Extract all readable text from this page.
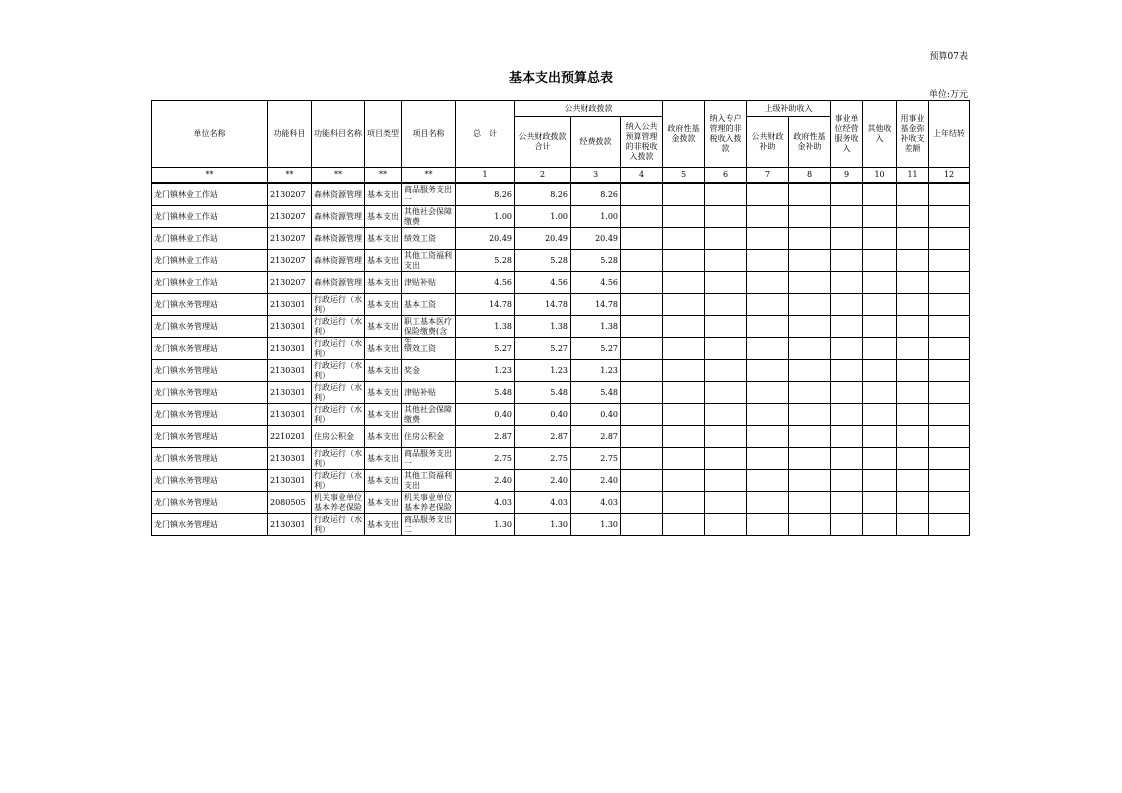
预算07表
基本支出预算总表
单位:万元
单位名称	功能科目	功能科目名称	项目类型	项目名称	总　计	公共财政拨款			政府性基金拨款	纳入专户管理的非税收入拨款	上级补助收入		事业单位经营服务收入	其他收入	用事业基金弥补收支差额	上年结转
						公共财政拨款合计	经费拨款	纳入公共预算管理的非税收入拨款			公共财政补助	政府性基金补助				
**	**	**	**	**	1	2	3	4	5	6	7	8	9	10	11	12
龙门镇林业工作站	2130207	森林资源管理	基本支出	商品服务支出一	8.26	8.26	8.26									
龙门镇林业工作站	2130207	森林资源管理	基本支出	其他社会保障缴费	1.00	1.00	1.00									
龙门镇林业工作站	2130207	森林资源管理	基本支出	绩效工资	20.49	20.49	20.49									
龙门镇林业工作站	2130207	森林资源管理	基本支出	其他工资福利支出	5.28	5.28	5.28									
龙门镇林业工作站	2130207	森林资源管理	基本支出	津贴补贴	4.56	4.56	4.56									
龙门镇水务管理站	2130301	行政运行（水利）	基本支出	基本工资	14.78	14.78	14.78									
龙门镇水务管理站	2130301	行政运行（水利）	基本支出	职工基本医疗保险缴费(含生	1.38	1.38	1.38									
龙门镇水务管理站	2130301	行政运行（水利）	基本支出	绩效工资	5.27	5.27	5.27									
龙门镇水务管理站	2130301	行政运行（水利）	基本支出	奖金	1.23	1.23	1.23									
龙门镇水务管理站	2130301	行政运行（水利）	基本支出	津贴补贴	5.48	5.48	5.48									
龙门镇水务管理站	2130301	行政运行（水利）	基本支出	其他社会保障缴费	0.40	0.40	0.40									
龙门镇水务管理站	2210201	住房公积金	基本支出	住房公积金	2.87	2.87	2.87									
龙门镇水务管理站	2130301	行政运行（水利）	基本支出	商品服务支出一	2.75	2.75	2.75									
龙门镇水务管理站	2130301	行政运行（水利）	基本支出	其他工资福利支出	2.40	2.40	2.40									
龙门镇水务管理站	2080505	机关事业单位基本养老保险	基本支出	机关事业单位基本养老保险	4.03	4.03	4.03									
龙门镇水务管理站	2130301	行政运行（水利）	基本支出	商品服务支出二	1.30	1.30	1.30									
